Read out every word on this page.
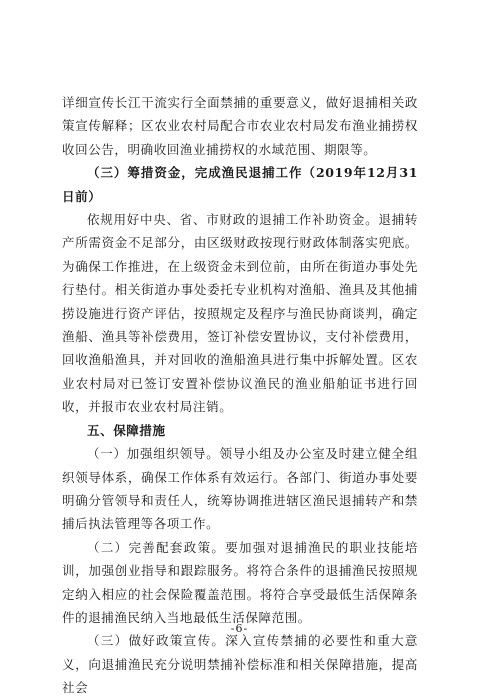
详细宣传长江干流实行全面禁捕的重要意义，做好退捕相关政策宣传解释；区农业农村局配合市农业农村局发布渔业捕捞权收回公告，明确收回渔业捕捞权的水域范围、期限等。

（三）筹措资金，完成渔民退捕工作（2019年12月31日前）

依规用好中央、省、市财政的退捕工作补助资金。退捕转产所需资金不足部分，由区级财政按现行财政体制落实兜底。为确保工作推进，在上级资金未到位前，由所在街道办事处先行垫付。相关街道办事处委托专业机构对渔船、渔具及其他捕捞设施进行资产评估，按照规定及程序与渔民协商谈判，确定渔船、渔具等补偿费用，签订补偿安置协议，支付补偿费用，回收渔船渔具，并对回收的渔船渔具进行集中拆解处置。区农业农村局对已签订安置补偿协议渔民的渔业船舶证书进行回收，并报市农业农村局注销。

五、保障措施

（一）加强组织领导。领导小组及办公室及时建立健全组织领导体系，确保工作体系有效运行。各部门、街道办事处要明确分管领导和责任人，统筹协调推进辖区渔民退捕转产和禁捕后执法管理等各项工作。

（二）完善配套政策。要加强对退捕渔民的职业技能培训，加强创业指导和跟踪服务。将符合条件的退捕渔民按照规定纳入相应的社会保险覆盖范围。将符合享受最低生活保障条件的退捕渔民纳入当地最低生活保障范围。

（三）做好政策宣传。深入宣传禁捕的必要性和重大意义，向退捕渔民充分说明禁捕补偿标准和相关保障措施，提高社会

-6-
